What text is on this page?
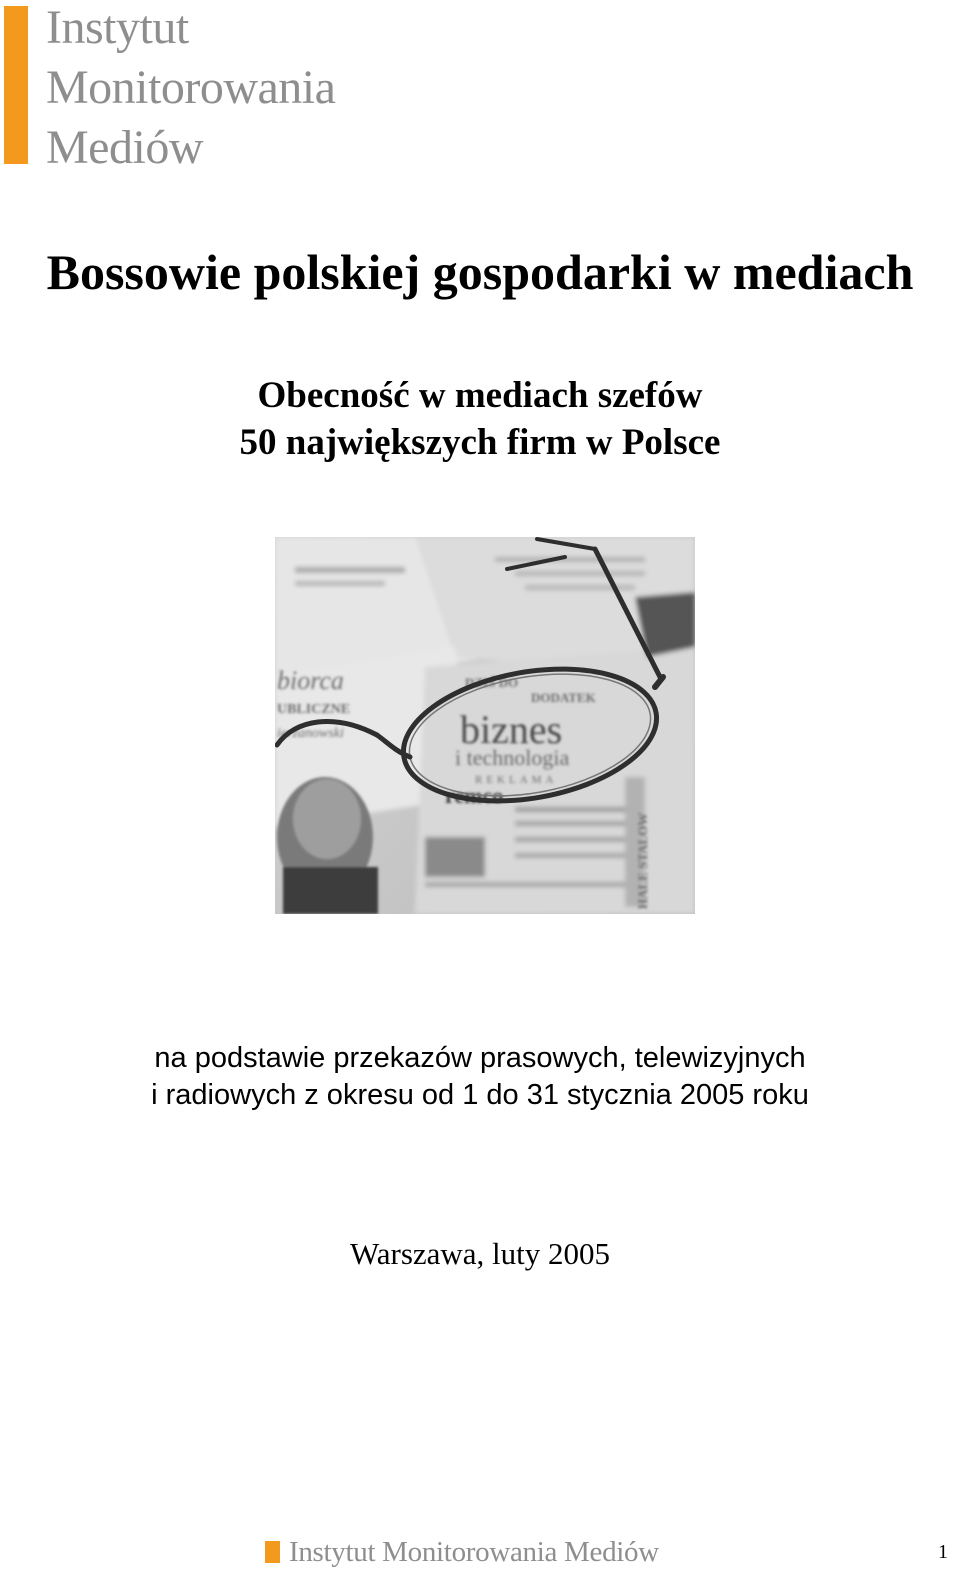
Instytut
Monitorowania
Mediów
Bossowie polskiej gospodarki w mediach
Obecność w mediach szefów
50 największych firm w Polsce
biorca
UBLICZNE
ierżanowski
DZIŚ DO
DODATEK
biznes
i technologia
REKLAMA
remco
HALE STALOW
na podstawie przekazów prasowych, telewizyjnych
i radiowych z okresu od 1 do 31 stycznia 2005 roku
Warszawa, luty 2005
Instytut Monitorowania Mediów	1
